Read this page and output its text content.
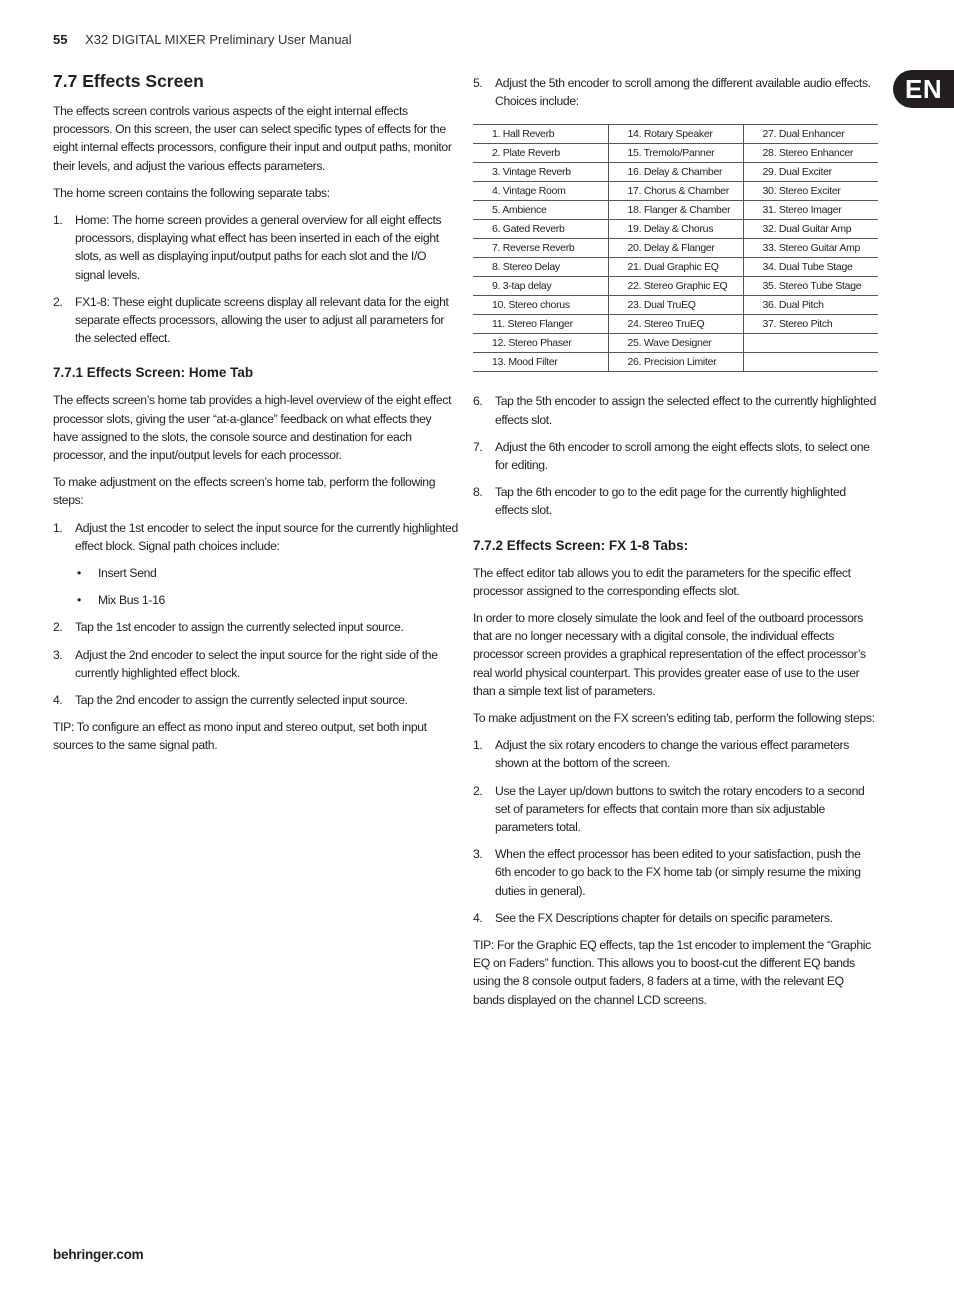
55 X32 DIGITAL MIXER Preliminary User Manual
EN
7.7 Effects Screen

The effects screen controls various aspects of the eight internal effects processors. On this screen, the user can select specific types of effects for the eight internal effects processors, configure their input and output paths, monitor their levels, and adjust the various effects parameters.

The home screen contains the following separate tabs:

1. Home: The home screen provides a general overview for all eight effects processors, displaying what effect has been inserted in each of the eight slots, as well as displaying input/output paths for each slot and the I/O signal levels.
2. FX1-8: These eight duplicate screens display all relevant data for the eight separate effects processors, allowing the user to adjust all parameters for the selected effect.
7.7.1 Effects Screen: Home Tab

The effects screen’s home tab provides a high-level overview of the eight effect processor slots, giving the user “at-a-glance” feedback on what effects they have assigned to the slots, the console source and destination for each processor, and the input/output levels for each processor.

To make adjustment on the effects screen’s home tab, perform the following steps:

1. Adjust the 1st encoder to select the input source for the currently highlighted effect block. Signal path choices include:
• Insert Send
• Mix Bus 1-16
2. Tap the 1st encoder to assign the currently selected input source.
3. Adjust the 2nd encoder to select the input source for the right side of the currently highlighted effect block.
4. Tap the 2nd encoder to assign the currently selected input source.

TIP: To configure an effect as mono input and stereo output, set both input sources to the same signal path.

5. Adjust the 5th encoder to scroll among the different available audio effects. Choices include:
1. Hall Reverb	14. Rotary Speaker	27. Dual Enhancer
2. Plate Reverb	15. Tremolo/Panner	28. Stereo Enhancer
3. Vintage Reverb	16. Delay & Chamber	29. Dual Exciter
4. Vintage Room	17. Chorus & Chamber	30. Stereo Exciter
5. Ambience	18. Flanger & Chamber	31. Stereo Imager
6. Gated Reverb	19. Delay & Chorus	32. Dual Guitar Amp
7. Reverse Reverb	20. Delay & Flanger	33. Stereo Guitar Amp
8. Stereo Delay	21. Dual Graphic EQ	34. Dual Tube Stage
9. 3-tap delay	22. Stereo Graphic EQ	35. Stereo Tube Stage
10. Stereo chorus	23. Dual TruEQ	36. Dual Pitch
11. Stereo Flanger	24. Stereo TruEQ	37. Stereo Pitch
12. Stereo Phaser	25. Wave Designer	
13. Mood Filter	26. Precision Limiter	
6. Tap the 5th encoder to assign the selected effect to the currently highlighted effects slot.
7. Adjust the 6th encoder to scroll among the eight effects slots, to select one for editing.
8. Tap the 6th encoder to go to the edit page for the currently highlighted effects slot.
7.7.2 Effects Screen: FX 1-8 Tabs:

The effect editor tab allows you to edit the parameters for the specific effect processor assigned to the corresponding effects slot.

In order to more closely simulate the look and feel of the outboard processors that are no longer necessary with a digital console, the individual effects processor screen provides a graphical representation of the effect processor’s real world physical counterpart. This provides greater ease of use to the user than a simple text list of parameters.

To make adjustment on the FX screen’s editing tab, perform the following steps:

1. Adjust the six rotary encoders to change the various effect parameters shown at the bottom of the screen.
2. Use the Layer up/down buttons to switch the rotary encoders to a second set of parameters for effects that contain more than six adjustable parameters total.
3. When the effect processor has been edited to your satisfaction, push the 6th encoder to go back to the FX home tab (or simply resume the mixing duties in general).
4. See the FX Descriptions chapter for details on specific parameters.

TIP: For the Graphic EQ effects, tap the 1st encoder to implement the “Graphic EQ on Faders” function. This allows you to boost-cut the different EQ bands using the 8 console output faders, 8 faders at a time, with the relevant EQ bands displayed on the channel LCD screens.

behringer.com
